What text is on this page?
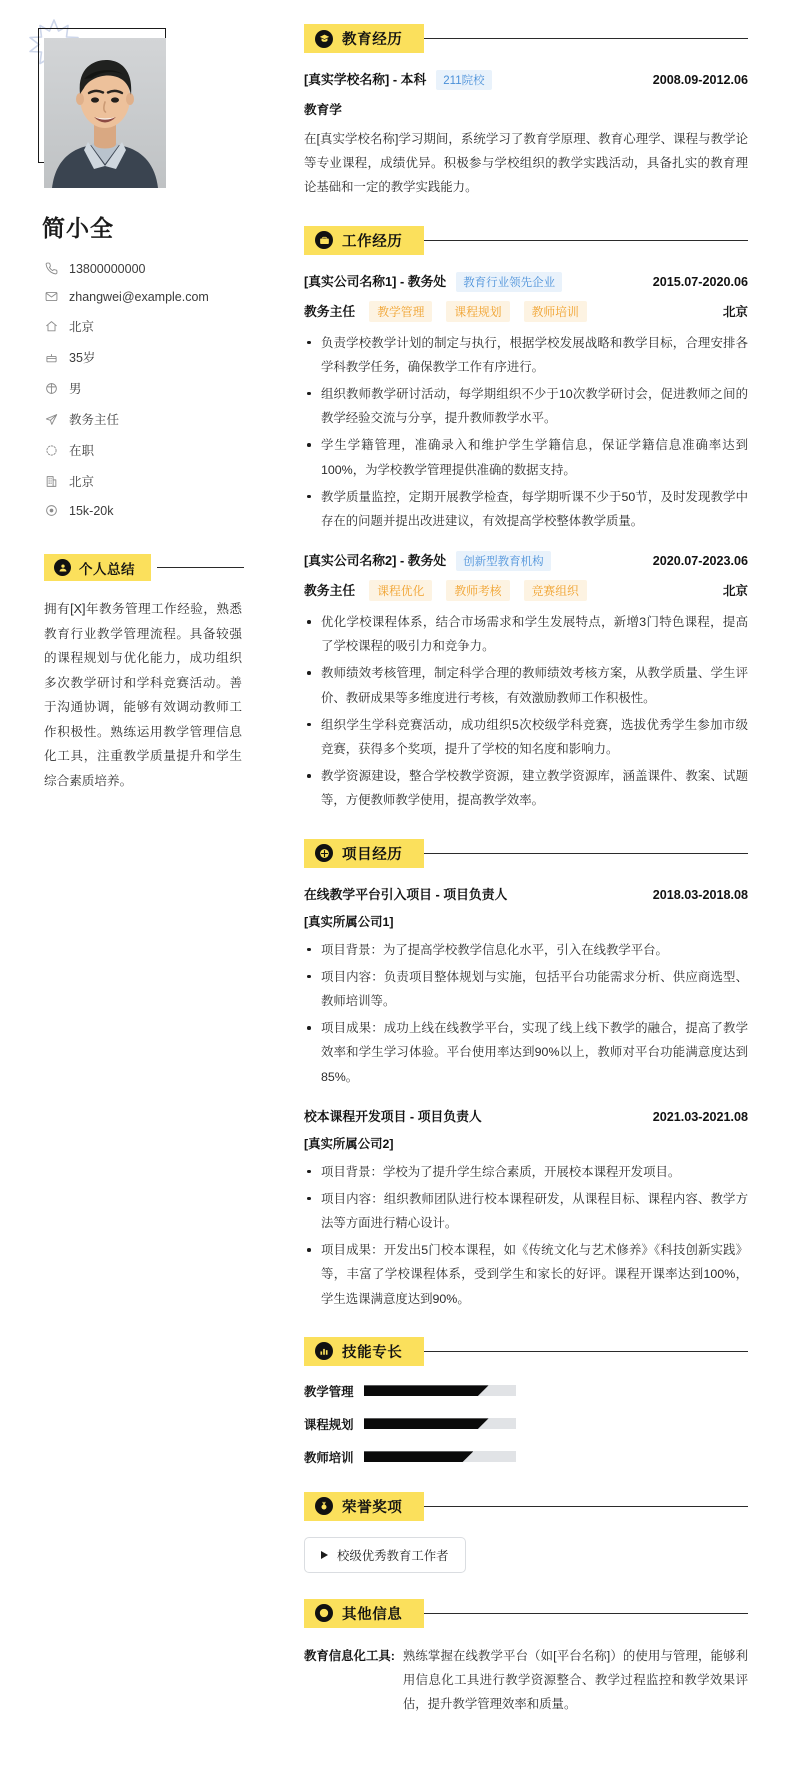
简小全
13800000000
zhangwei@example.com
北京
35岁
男
教务主任
在职
北京
15k-20k
个人总结

拥有[X]年教务管理工作经验，熟悉教育行业教学管理流程。具备较强的课程规划与优化能力，成功组织多次教学研讨和学科竞赛活动。善于沟通协调，能够有效调动教师工作积极性。熟练运用教学管理信息化工具，注重教学质量提升和学生综合素质培养。

教育经历
[真实学校名称] - 本科	211院校	2008.09-2012.06
教育学

在[真实学校名称]学习期间，系统学习了教育学原理、教育心理学、课程与教学论等专业课程，成绩优异。积极参与学校组织的教学实践活动，具备扎实的教育理论基础和一定的教学实践能力。

工作经历
[真实公司名称1] - 教务处	教育行业领先企业	2015.07-2020.06
教务主任	教学管理	课程规划	教师培训	北京
负责学校教学计划的制定与执行，根据学校发展战略和教学目标，合理安排各学科教学任务，确保教学工作有序进行。
组织教师教学研讨活动，每学期组织不少于10次教学研讨会，促进教师之间的教学经验交流与分享，提升教师教学水平。
学生学籍管理，准确录入和维护学生学籍信息，保证学籍信息准确率达到100%，为学校教学管理提供准确的数据支持。
教学质量监控，定期开展教学检查，每学期听课不少于50节，及时发现教学中存在的问题并提出改进建议，有效提高学校整体教学质量。
[真实公司名称2] - 教务处	创新型教育机构	2020.07-2023.06
教务主任	课程优化	教师考核	竞赛组织	北京
优化学校课程体系，结合市场需求和学生发展特点，新增3门特色课程，提高了学校课程的吸引力和竞争力。
教师绩效考核管理，制定科学合理的教师绩效考核方案，从教学质量、学生评价、教研成果等多维度进行考核，有效激励教师工作积极性。
组织学生学科竞赛活动，成功组织5次校级学科竞赛，选拔优秀学生参加市级竞赛，获得多个奖项，提升了学校的知名度和影响力。
教学资源建设，整合学校教学资源，建立教学资源库，涵盖课件、教案、试题等，方便教师教学使用，提高教学效率。
项目经历
在线教学平台引入项目 - 项目负责人	2018.03-2018.08
[真实所属公司1]
项目背景：为了提高学校教学信息化水平，引入在线教学平台。
项目内容：负责项目整体规划与实施，包括平台功能需求分析、供应商选型、教师培训等。
项目成果：成功上线在线教学平台，实现了线上线下教学的融合，提高了教学效率和学生学习体验。平台使用率达到90%以上，教师对平台功能满意度达到85%。
校本课程开发项目 - 项目负责人	2021.03-2021.08
[真实所属公司2]
项目背景：学校为了提升学生综合素质，开展校本课程开发项目。
项目内容：组织教师团队进行校本课程研发，从课程目标、课程内容、教学方法等方面进行精心设计。
项目成果：开发出5门校本课程，如《传统文化与艺术修养》《科技创新实践》等，丰富了学校课程体系，受到学生和家长的好评。课程开课率达到100%，学生选课满意度达到90%。
技能专长
教学管理
课程规划
教师培训
荣誉奖项
校级优秀教育工作者
其他信息
教育信息化工具: 熟练掌握在线教学平台（如[平台名称]）的使用与管理，能够利用信息化工具进行教学资源整合、教学过程监控和教学效果评估，提升教学管理效率和质量。
